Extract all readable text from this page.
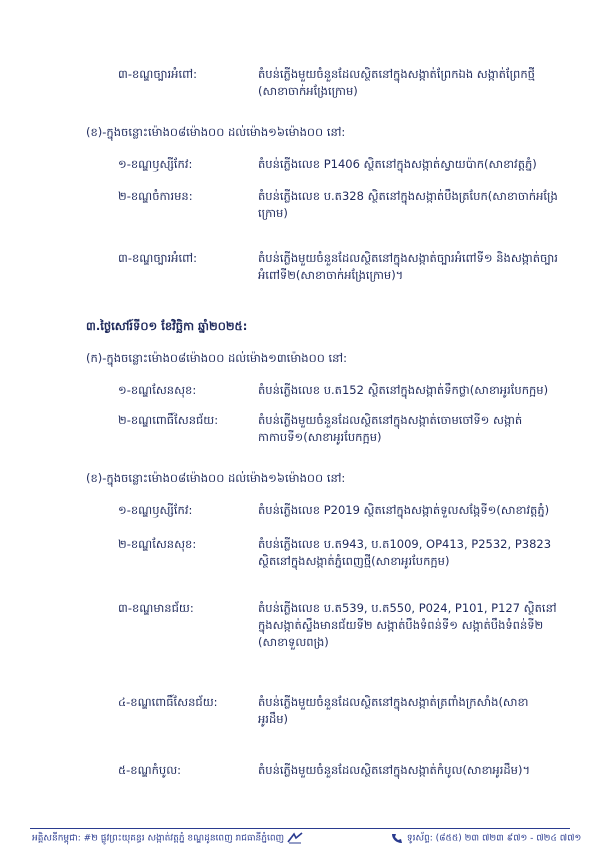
៣-ខណ្ឌច្បារអំពៅ:	តំបន់ភ្លើងមួយចំនួនដែលស្ថិតនៅក្នុងសង្កាត់ព្រែកឯង សង្កាត់ព្រែកថ្មី (សាខាចាក់អង្រែក្រោម)
(ខ)-ក្នុងចន្លោះម៉ោង០៨ម៉ោង០០ ដល់ម៉ោង១៦ម៉ោង០០ នៅ:
១-ខណ្ឌឫស្សីកែវ:	តំបន់ភ្លើងលេខ P1406 ស្ថិតនៅក្នុងសង្កាត់ស្វាយប៉ាក(សាខាវត្តភ្នំ)
២-ខណ្ឌចំការមន:	តំបន់ភ្លើងលេខ ប.ត328 ស្ថិតនៅក្នុងសង្កាត់បឹងត្របែក(សាខាចាក់អង្រែក្រោម)
៣-ខណ្ឌច្បារអំពៅ:	តំបន់ភ្លើងមួយចំនួនដែលស្ថិតនៅក្នុងសង្កាត់ច្បារអំពៅទី១ និងសង្កាត់ច្បារអំពៅទី២(សាខាចាក់អង្រែក្រោម)។
៣.ថ្ងៃសៅរ៍ទី០១ ខែវិច្ឆិកា ឆ្នាំ២០២៥:
(ក)-ក្នុងចន្លោះម៉ោង០៨ម៉ោង០០ ដល់ម៉ោង១៣ម៉ោង០០ នៅ:
១-ខណ្ឌសែនសុខ:	តំបន់ភ្លើងលេខ ប.ត152 ស្ថិតនៅក្នុងសង្កាត់ទឹកថ្លា(សាខាអូរបែកក្អម)
២-ខណ្ឌពោធិ៍សែនជ័យ:	តំបន់ភ្លើងមួយចំនួនដែលស្ថិតនៅក្នុងសង្កាត់ចោមចៅទី១ សង្កាត់កាកាបទី១(សាខាអូរបែកក្អម)
(ខ)-ក្នុងចន្លោះម៉ោង០៨ម៉ោង០០ ដល់ម៉ោង១៦ម៉ោង០០ នៅ:
១-ខណ្ឌឫស្សីកែវ:	តំបន់ភ្លើងលេខ P2019 ស្ថិតនៅក្នុងសង្កាត់ទួលសង្កែទី១(សាខាវត្តភ្នំ)
២-ខណ្ឌសែនសុខ:	តំបន់ភ្លើងលេខ ប.ត943, ប.ត1009, OP413, P2532, P3823 ស្ថិតនៅក្នុងសង្កាត់ភ្នំពេញថ្មី(សាខាអូរបែកក្អម)
៣-ខណ្ឌមានជ័យ:	តំបន់ភ្លើងលេខ ប.ត539, ប.ត550, P024, P101, P127 ស្ថិតនៅក្នុងសង្កាត់ស្ទឹងមានជ័យទី២ សង្កាត់បឹងទំពន់ទី១ សង្កាត់បឹងទំពន់ទី២ (សាខាទួលពង្រ)
៤-ខណ្ឌពោធិ៍សែនជ័យ:	តំបន់ភ្លើងមួយចំនួនដែលស្ថិតនៅក្នុងសង្កាត់ត្រពាំងក្រសាំង(សាខាអូរដឹម)
៥-ខណ្ឌកំបូល:	តំបន់ភ្លើងមួយចំនួនដែលស្ថិតនៅក្នុងសង្កាត់កំបូល(សាខាអូរដឹម)។
អគ្គិសនីកម្ពុជា: #២ ផ្លូវព្រះយុគន្ធរ សង្កាត់វត្តភ្នំ ខណ្ឌដូនពេញ រាជធានីភ្នំពេញ	ទូរស័ព្ទ: (៨៥៥) ២៣ ៧២៣ ៩៧១ - ៧២៤ ៧៧១
